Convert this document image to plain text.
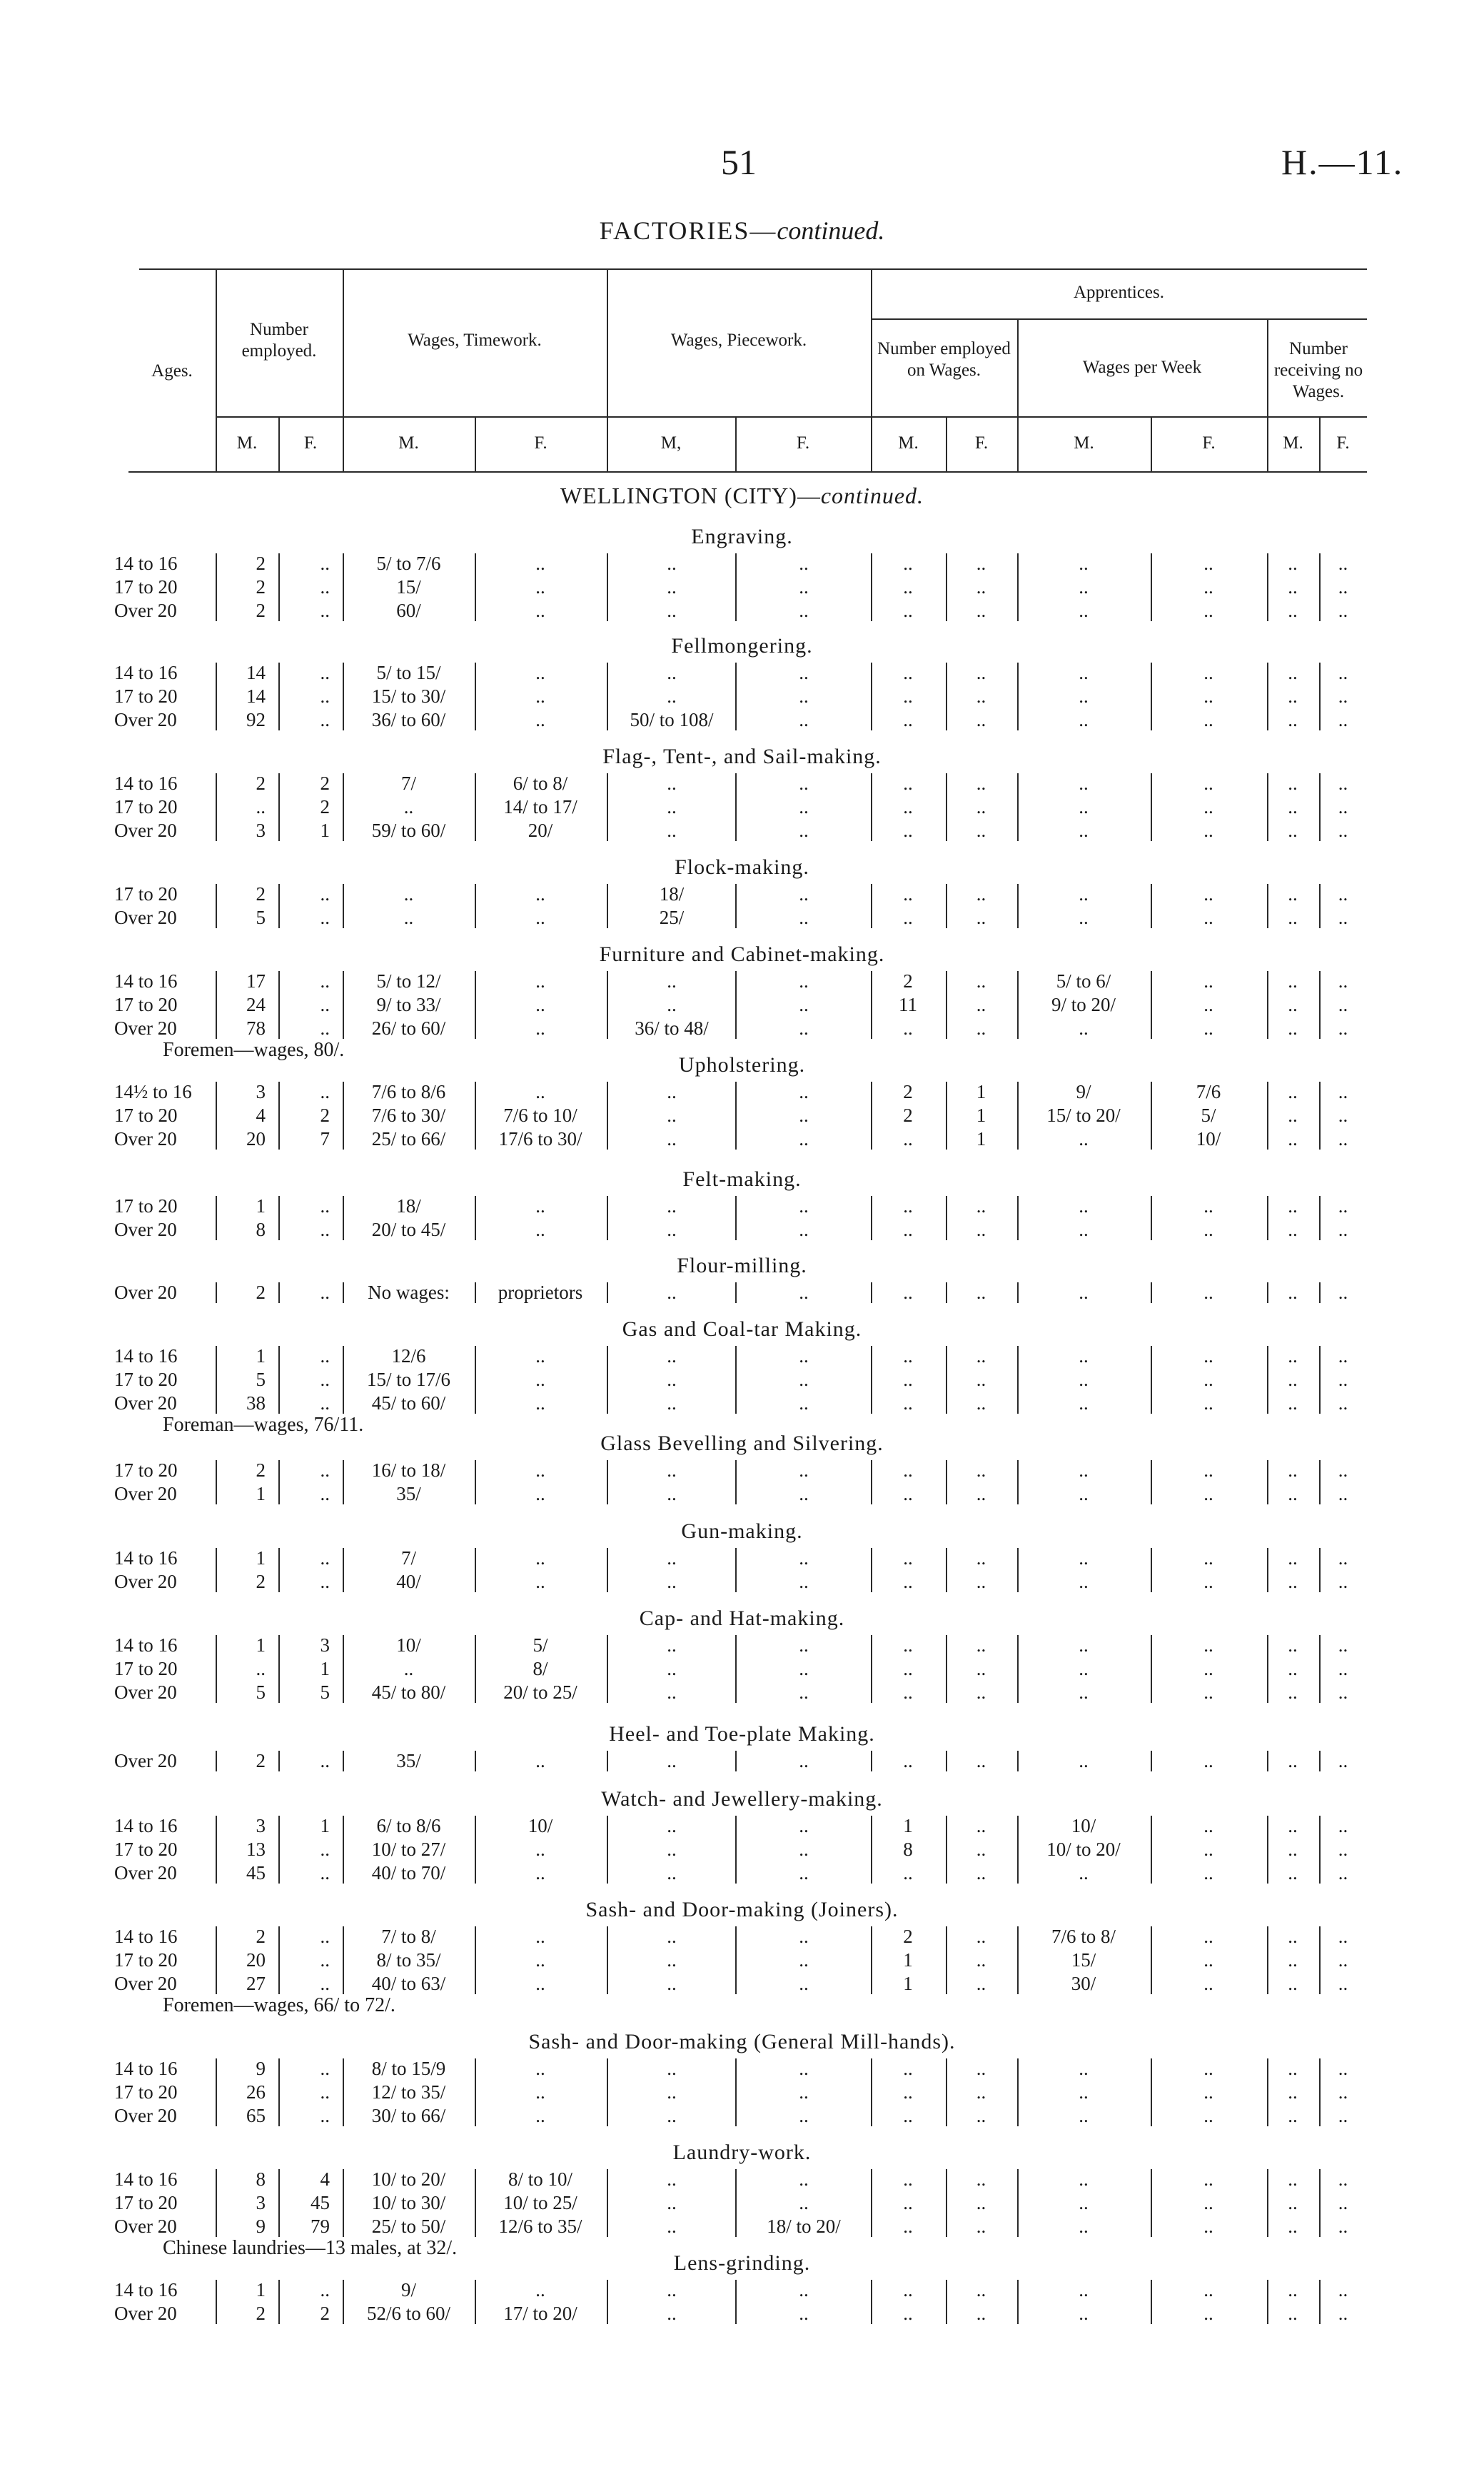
51	H.—11.
FACTORIES—continued.
Ages.
Number employed.
Wages, Timework.	Wages, Piecework.
Apprentices.
Number employed on Wages.	Wages per Week
Number receiving no Wages.
M.	F.	M.	F.	M,	F.	M.	F.	M.	F.	M.	F.
WELLINGTON (CITY)—continued.
Engraving.
14 to 16	2	..	5/ to 7/6	..	..	..	..	..	..	..	..	..
17 to 20	2	..	15/	..	..	..	..	..	..	..	..	..
Over 20	2	..	60/	..	..	..	..	..	..	..	..	..
Fellmongering.
14 to 16	14	..	5/ to 15/	..	..	..	..	..	..	..	..	..
17 to 20	14	..	15/ to 30/	..	..	..	..	..	..	..	..	..
Over 20	92	..	36/ to 60/	..	50/ to 108/	..	..	..	..	..	..	..
Flag-, Tent-, and Sail-making.
14 to 16	2	2	7/	6/ to 8/	..	..	..	..	..	..	..	..
17 to 20	..	2	..	14/ to 17/	..	..	..	..	..	..	..	..
Over 20	3	1	59/ to 60/	20/	..	..	..	..	..	..	..	..
Flock-making.
17 to 20	2	..	..	..	18/	..	..	..	..	..	..	..
Over 20	5	..	..	..	25/	..	..	..	..	..	..	..
Furniture and Cabinet-making.
14 to 16	17	..	5/ to 12/	..	..	..	2	..	5/ to 6/	..	..	..
17 to 20	24	..	9/ to 33/	..	..	..	11	..	9/ to 20/	..	..	..
Over 20	78	..	26/ to 60/	..	36/ to 48/	..	..	..	..	..	..	..
Foremen—wages, 80/.
Upholstering.
14½ to 16	3	..	7/6 to 8/6	..	..	..	2	1	9/	7/6	..	..
17 to 20	4	2	7/6 to 30/	7/6 to 10/	..	..	2	1	15/ to 20/	5/	..	..
Over 20	20	7	25/ to 66/	17/6 to 30/	..	..	..	1	..	10/	..	..
Felt-making.
17 to 20	1	..	18/	..	..	..	..	..	..	..	..	..
Over 20	8	..	20/ to 45/	..	..	..	..	..	..	..	..	..
Flour-milling.
Over 20	2	..	No wages:	proprietors	..	..	..	..	..	..	..	..
Gas and Coal-tar Making.
14 to 16	1	..	12/6	..	..	..	..	..	..	..	..	..
17 to 20	5	..	15/ to 17/6	..	..	..	..	..	..	..	..	..
Over 20	38	..	45/ to 60/	..	..	..	..	..	..	..	..	..
Foreman—wages, 76/11.
Glass Bevelling and Silvering.
17 to 20	2	..	16/ to 18/	..	..	..	..	..	..	..	..	..
Over 20	1	..	35/	..	..	..	..	..	..	..	..	..
Gun-making.
14 to 16	1	..	7/	..	..	..	..	..	..	..	..	..
Over 20	2	..	40/	..	..	..	..	..	..	..	..	..
Cap- and Hat-making.
14 to 16	1	3	10/	5/	..	..	..	..	..	..	..	..
17 to 20	..	1	..	8/	..	..	..	..	..	..	..	..
Over 20	5	5	45/ to 80/	20/ to 25/	..	..	..	..	..	..	..	..
Heel- and Toe-plate Making.
Over 20	2	..	35/	..	..	..	..	..	..	..	..	..
Watch- and Jewellery-making.
14 to 16	3	1	6/ to 8/6	10/	..	..	1	..	10/	..	..	..
17 to 20	13	..	10/ to 27/	..	..	..	8	..	10/ to 20/	..	..	..
Over 20	45	..	40/ to 70/	..	..	..	..	..	..	..	..	..
Sash- and Door-making (Joiners).
14 to 16	2	..	7/ to 8/	..	..	..	2	..	7/6 to 8/	..	..	..
17 to 20	20	..	8/ to 35/	..	..	..	1	..	15/	..	..	..
Over 20	27	..	40/ to 63/	..	..	..	1	..	30/	..	..	..
Foremen—wages, 66/ to 72/.
Sash- and Door-making (General Mill-hands).
14 to 16	9	..	8/ to 15/9	..	..	..	..	..	..	..	..	..
17 to 20	26	..	12/ to 35/	..	..	..	..	..	..	..	..	..
Over 20	65	..	30/ to 66/	..	..	..	..	..	..	..	..	..
Laundry-work.
14 to 16	8	4	10/ to 20/	8/ to 10/	..	..	..	..	..	..	..	..
17 to 20	3	45	10/ to 30/	10/ to 25/	..	..	..	..	..	..	..	..
Over 20	9	79	25/ to 50/	12/6 to 35/	..	18/ to 20/	..	..	..	..	..	..
Chinese laundries—13 males, at 32/.
Lens-grinding.
14 to 16	1	..	9/	..	..	..	..	..	..	..	..	..
Over 20	2	2	52/6 to 60/	17/ to 20/	..	..	..	..	..	..	..	..
